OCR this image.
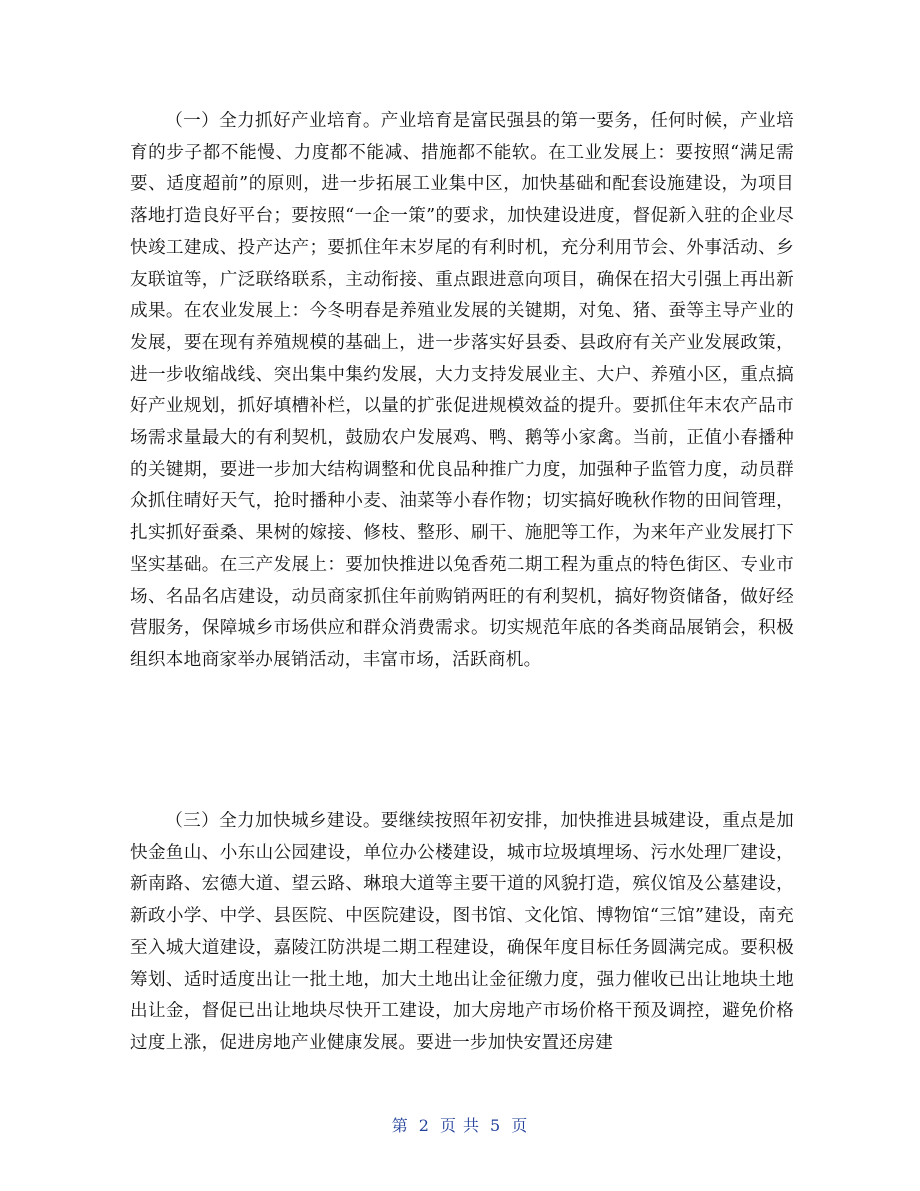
（一）全力抓好产业培育。产业培育是富民强县的第一要务，任何时候，产业培育的步子都不能慢、力度都不能减、措施都不能软。在工业发展上：要按照“满足需要、适度超前”的原则，进一步拓展工业集中区，加快基础和配套设施建设，为项目落地打造良好平台；要按照“一企一策”的要求，加快建设进度，督促新入驻的企业尽快竣工建成、投产达产；要抓住年末岁尾的有利时机，充分利用节会、外事活动、乡友联谊等，广泛联络联系，主动衔接、重点跟进意向项目，确保在招大引强上再出新成果。在农业发展上：今冬明春是养殖业发展的关键期，对兔、猪、蚕等主导产业的发展，要在现有养殖规模的基础上，进一步落实好县委、县政府有关产业发展政策，进一步收缩战线、突出集中集约发展，大力支持发展业主、大户、养殖小区，重点搞好产业规划，抓好填槽补栏，以量的扩张促进规模效益的提升。要抓住年末农产品市场需求量最大的有利契机，鼓励农户发展鸡、鸭、鹅等小家禽。当前，正值小春播种的关键期，要进一步加大结构调整和优良品种推广力度，加强种子监管力度，动员群众抓住晴好天气，抢时播种小麦、油菜等小春作物；切实搞好晚秋作物的田间管理，扎实抓好蚕桑、果树的嫁接、修枝、整形、刷干、施肥等工作，为来年产业发展打下坚实基础。在三产发展上：要加快推进以兔香苑二期工程为重点的特色街区、专业市场、名品名店建设，动员商家抓住年前购销两旺的有利契机，搞好物资储备，做好经营服务，保障城乡市场供应和群众消费需求。切实规范年底的各类商品展销会，积极组织本地商家举办展销活动，丰富市场，活跃商机。

（三）全力加快城乡建设。要继续按照年初安排，加快推进县城建设，重点是加快金鱼山、小东山公园建设，单位办公楼建设，城市垃圾填埋场、污水处理厂建设，新南路、宏德大道、望云路、琳琅大道等主要干道的风貌打造，殡仪馆及公墓建设，新政小学、中学、县医院、中医院建设，图书馆、文化馆、博物馆“三馆”建设，南充至入城大道建设，嘉陵江防洪堤二期工程建设，确保年度目标任务圆满完成。要积极筹划、适时适度出让一批土地，加大土地出让金征缴力度，强力催收已出让地块土地出让金，督促已出让地块尽快开工建设，加大房地产市场价格干预及调控，避免价格过度上涨，促进房地产业健康发展。要进一步加快安置还房建

第 2 页 共 5 页
